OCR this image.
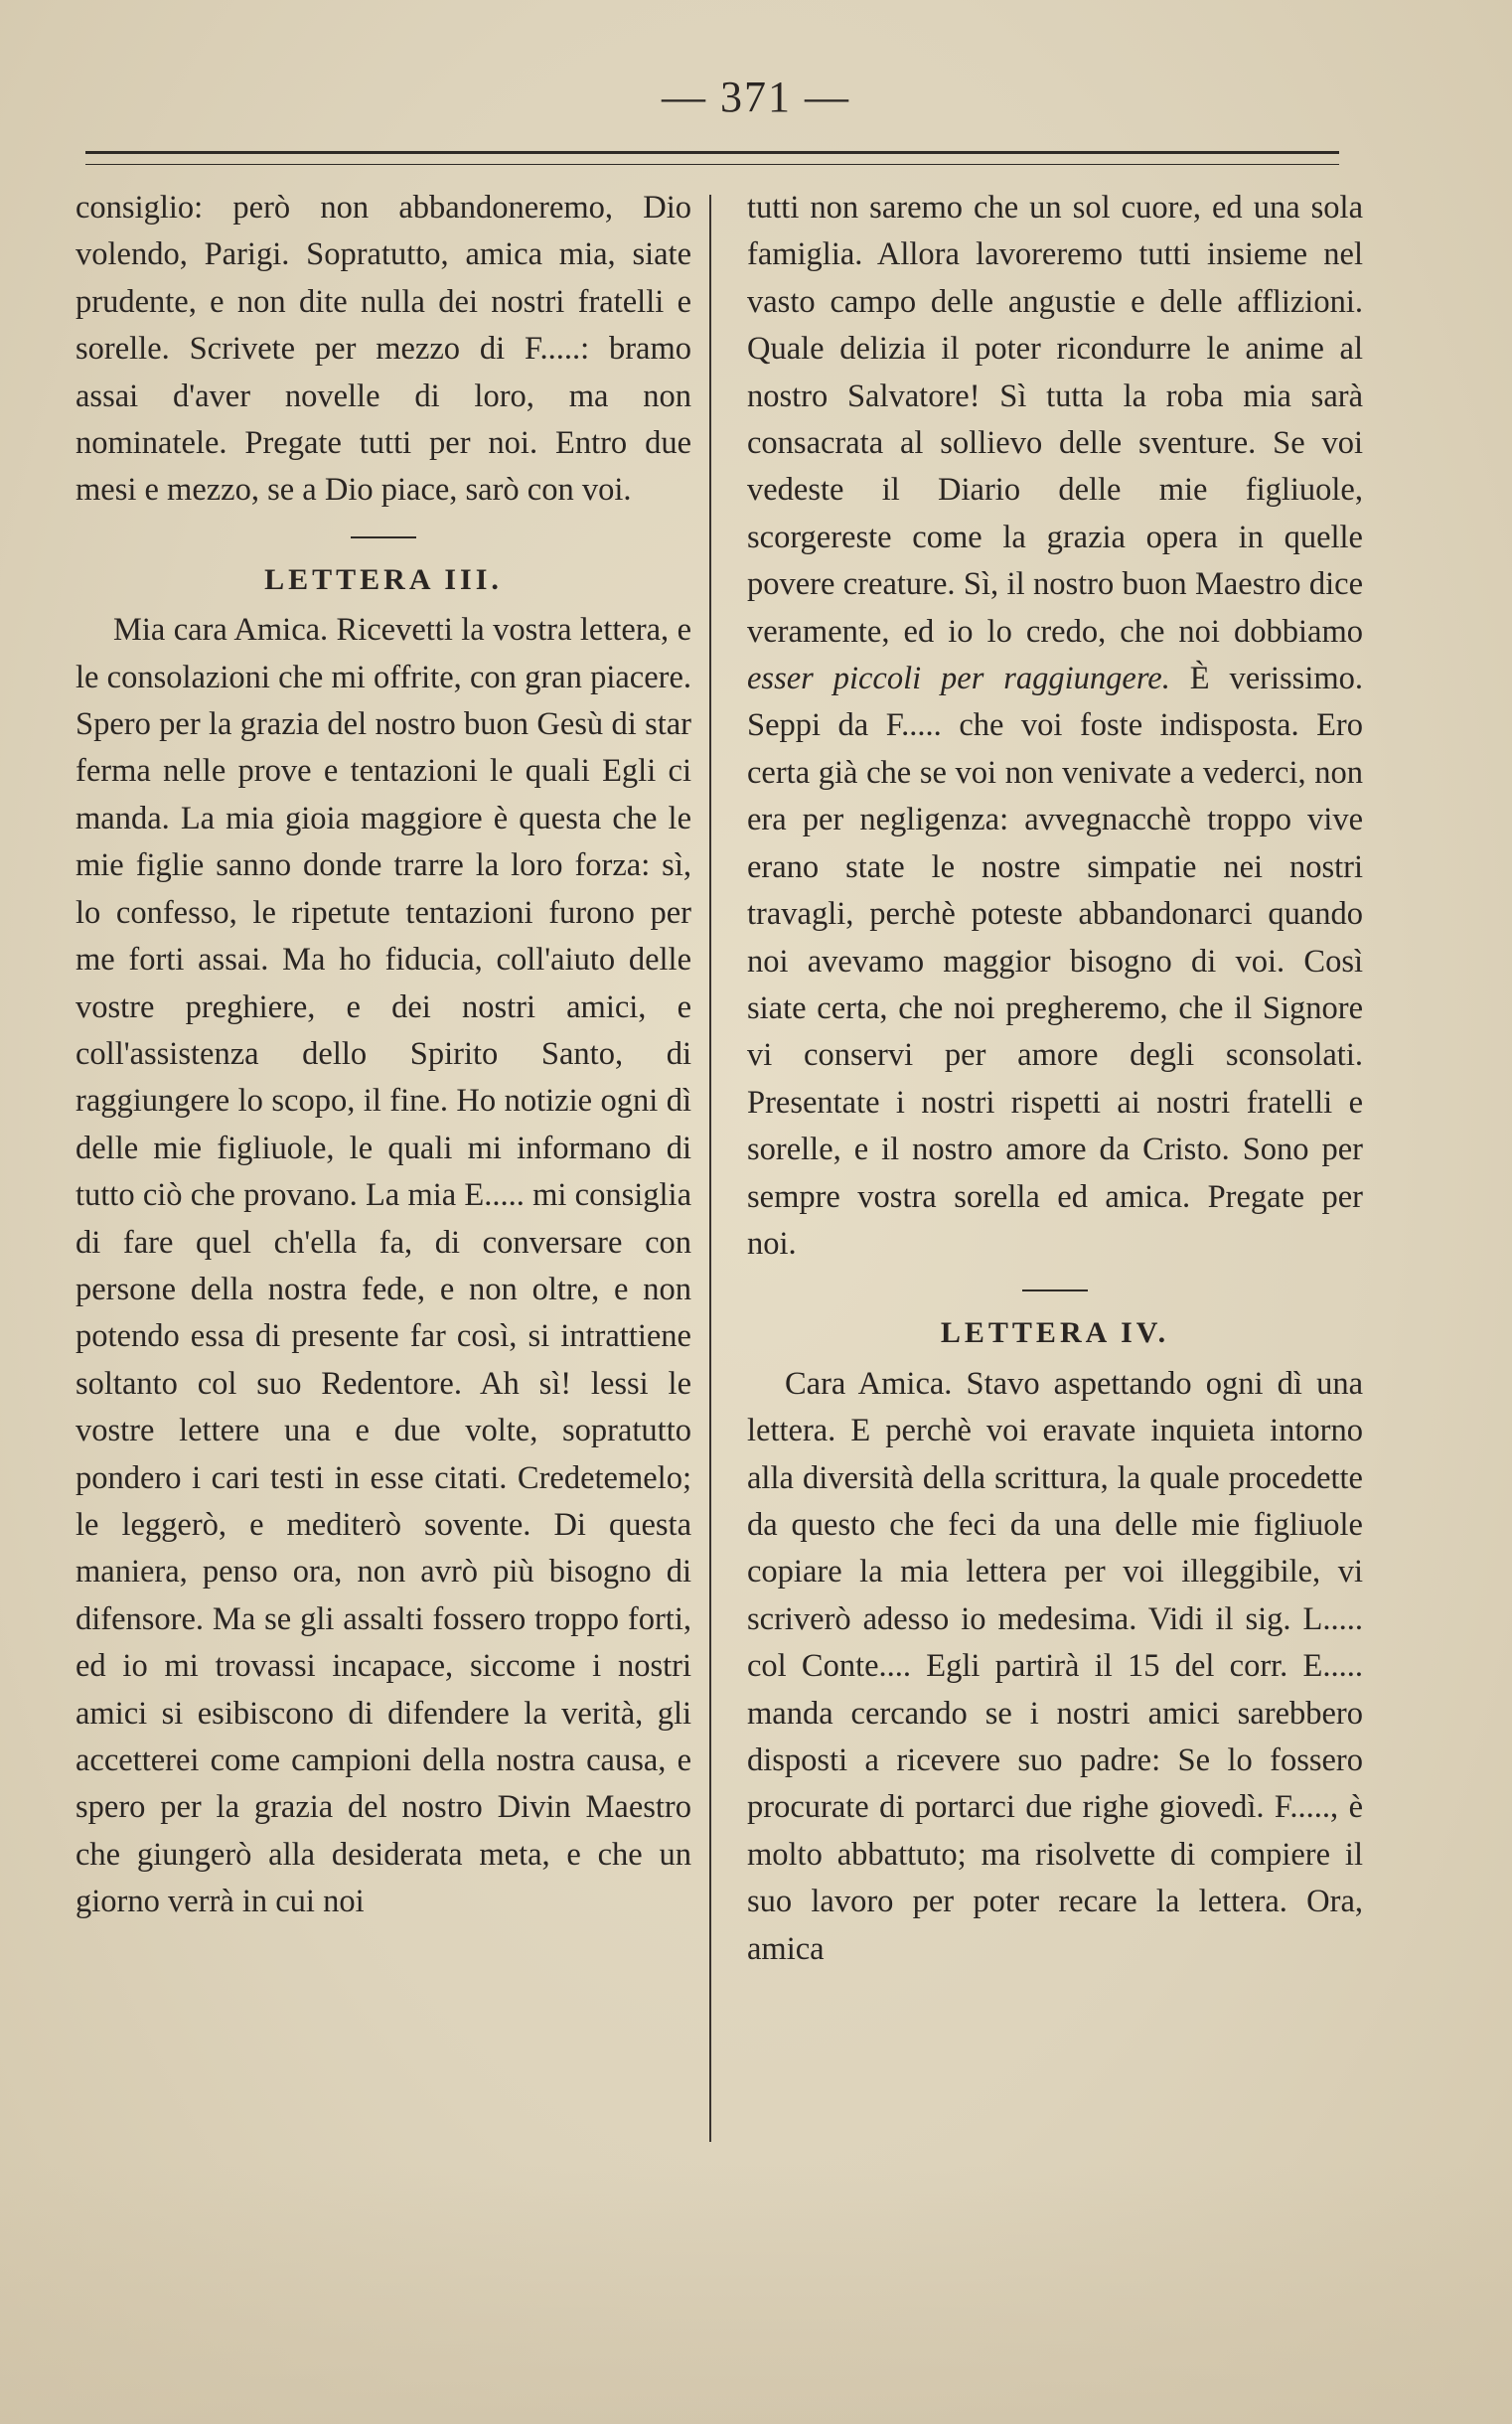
— 371 —

consiglio: però non abbandoneremo, Dio volendo, Parigi. Sopratutto, amica mia, siate prudente, e non dite nulla dei nostri fratelli e sorelle. Scrivete per mezzo di F.....: bramo assai d'aver novelle di loro, ma non nominatele. Pregate tutti per noi. Entro due mesi e mezzo, se a Dio piace, sarò con voi.

LETTERA III.

Mia cara Amica. Ricevetti la vostra lettera, e le consolazioni che mi offrite, con gran piacere. Spero per la grazia del nostro buon Gesù di star ferma nelle prove e tentazioni le quali Egli ci manda. La mia gioia maggiore è questa che le mie figlie sanno donde trarre la loro forza: sì, lo confesso, le ripetute tentazioni furono per me forti assai. Ma ho fiducia, coll'aiuto delle vostre preghiere, e dei nostri amici, e coll'assistenza dello Spirito Santo, di raggiungere lo scopo, il fine. Ho notizie ogni dì delle mie figliuole, le quali mi informano di tutto ciò che provano. La mia E..... mi consiglia di fare quel ch'ella fa, di conversare con persone della nostra fede, e non oltre, e non potendo essa di presente far così, si intrattiene soltanto col suo Redentore. Ah sì! lessi le vostre lettere una e due volte, sopratutto pondero i cari testi in esse citati. Credetemelo; le leggerò, e mediterò sovente. Di questa maniera, penso ora, non avrò più bisogno di difensore. Ma se gli assalti fossero troppo forti, ed io mi trovassi incapace, siccome i nostri amici si esibiscono di difendere la verità, gli accetterei come campioni della nostra causa, e spero per la grazia del nostro Divin Maestro che giungerò alla desiderata meta, e che un giorno verrà in cui noi

tutti non saremo che un sol cuore, ed una sola famiglia. Allora lavoreremo tutti insieme nel vasto campo delle angustie e delle afflizioni. Quale delizia il poter ricondurre le anime al nostro Salvatore! Sì tutta la roba mia sarà consacrata al sollievo delle sventure. Se voi vedeste il Diario delle mie figliuole, scorgereste come la grazia opera in quelle povere creature. Sì, il nostro buon Maestro dice veramente, ed io lo credo, che noi dobbiamo esser piccoli per raggiungere. È verissimo. Seppi da F..... che voi foste indisposta. Ero certa già che se voi non venivate a vederci, non era per negligenza: avvegnacchè troppo vive erano state le nostre simpatie nei nostri travagli, perchè poteste abbandonarci quando noi avevamo maggior bisogno di voi. Così siate certa, che noi pregheremo, che il Signore vi conservi per amore degli sconsolati. Presentate i nostri rispetti ai nostri fratelli e sorelle, e il nostro amore da Cristo. Sono per sempre vostra sorella ed amica. Pregate per noi.

LETTERA IV.

Cara Amica. Stavo aspettando ogni dì una lettera. E perchè voi eravate inquieta intorno alla diversità della scrittura, la quale procedette da questo che feci da una delle mie figliuole copiare la mia lettera per voi illeggibile, vi scriverò adesso io medesima. Vidi il sig. L..... col Conte.... Egli partirà il 15 del corr. E..... manda cercando se i nostri amici sarebbero disposti a ricevere suo padre: Se lo fossero procurate di portarci due righe giovedì. F....., è molto abbattuto; ma risolvette di compiere il suo lavoro per poter recare la lettera. Ora, amica
